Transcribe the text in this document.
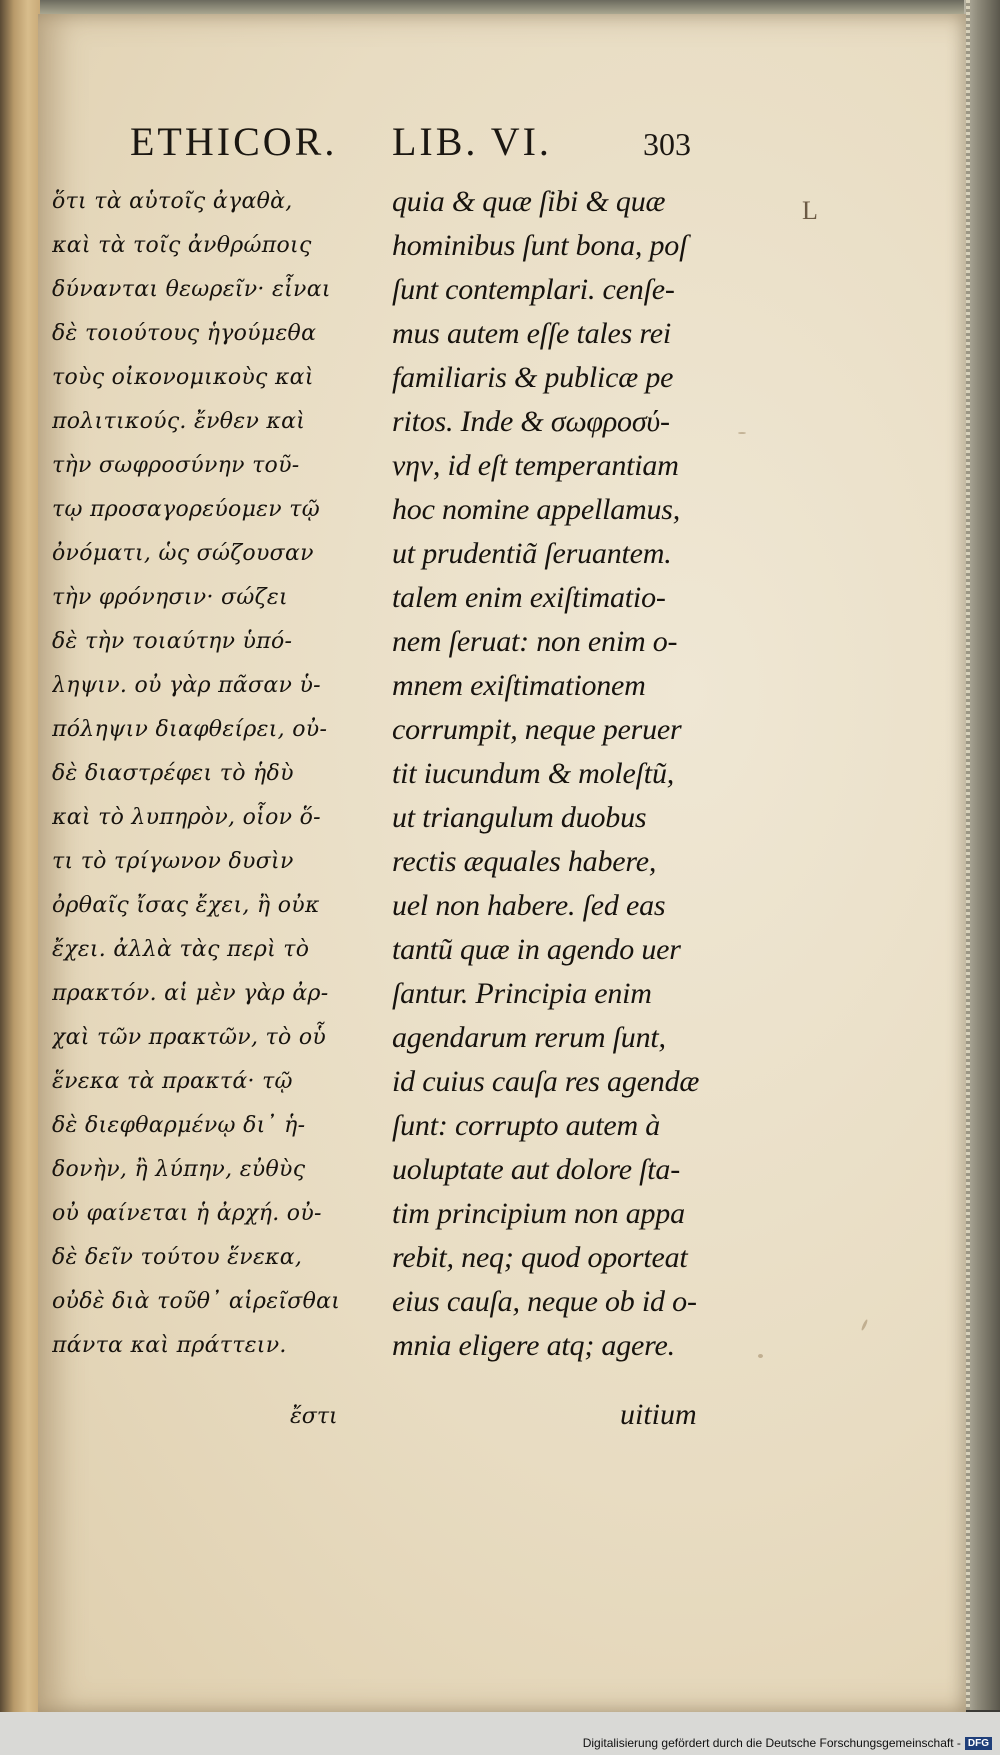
ETHICOR. LIB. VI.	303
ὅτι τὰ αὑτοῖς ἀγαθὰ,
καὶ τὰ τοῖς ἀνθρώποις
δύνανται θεωρεῖν· εἶναι
δὲ τοιούτους ἡγούμεθα
τοὺς οἰκονομικοὺς καὶ
πολιτικούς. ἔνθεν καὶ
τὴν σωφροσύνην τοῦ-
τῳ προσαγορεύομεν τῷ
ὀνόματι, ὡς σώζουσαν
τὴν φρόνησιν· σώζει
δὲ τὴν τοιαύτην ὑπό-
ληψιν. οὐ γὰρ πᾶσαν ὑ-
πόληψιν διαφθείρει, οὐ-
δὲ διαστρέφει τὸ ἡδὺ
καὶ τὸ λυπηρὸν, οἷον ὅ-
τι τὸ τρίγωνον δυσὶν
ὀρθαῖς ἴσας ἔχει, ἢ οὐκ
ἔχει. ἀλλὰ τὰς περὶ τὸ
πρακτόν. αἱ μὲν γὰρ ἀρ-
χαὶ τῶν πρακτῶν, τὸ οὗ
ἕνεκα τὰ πρακτά· τῷ
δὲ διεφθαρμένῳ δι᾽ ἡ-
δονὴν, ἢ λύπην, εὐθὺς
οὐ φαίνεται ἡ ἀρχή. οὐ-
δὲ δεῖν τούτου ἕνεκα,
οὐδὲ διὰ τοῦθ᾽ αἱρεῖσθαι
πάντα καὶ πράττειν.
quia & quæ ſibi & quæ
hominibus ſunt bona, poſ
ſunt contemplari. cenſe-
mus autem eſſe tales rei
familiaris & publicæ pe
ritos. Inde & σωφροσύ-
νην, id eſt temperantiam
hoc nomine appellamus,
ut prudentiã ſeruantem.
talem enim exiſtimatio-
nem ſeruat: non enim o-
mnem exiſtimationem
corrumpit, neque peruer
tit iucundum & moleſtũ,
ut triangulum duobus
rectis æquales habere,
uel non habere. ſed eas
tantũ quæ in agendo uer
ſantur. Principia enim
agendarum rerum ſunt,
id cuius cauſa res agendæ
ſunt: corrupto autem à
uoluptate aut dolore ſta-
tim principium non appa
rebit, neq; quod oporteat
eius cauſa, neque ob id o-
mnia eligere atq; agere.
ἔστι	uitium
L
Digitalisierung gefördert durch die Deutsche Forschungsgemeinschaft - DFG
